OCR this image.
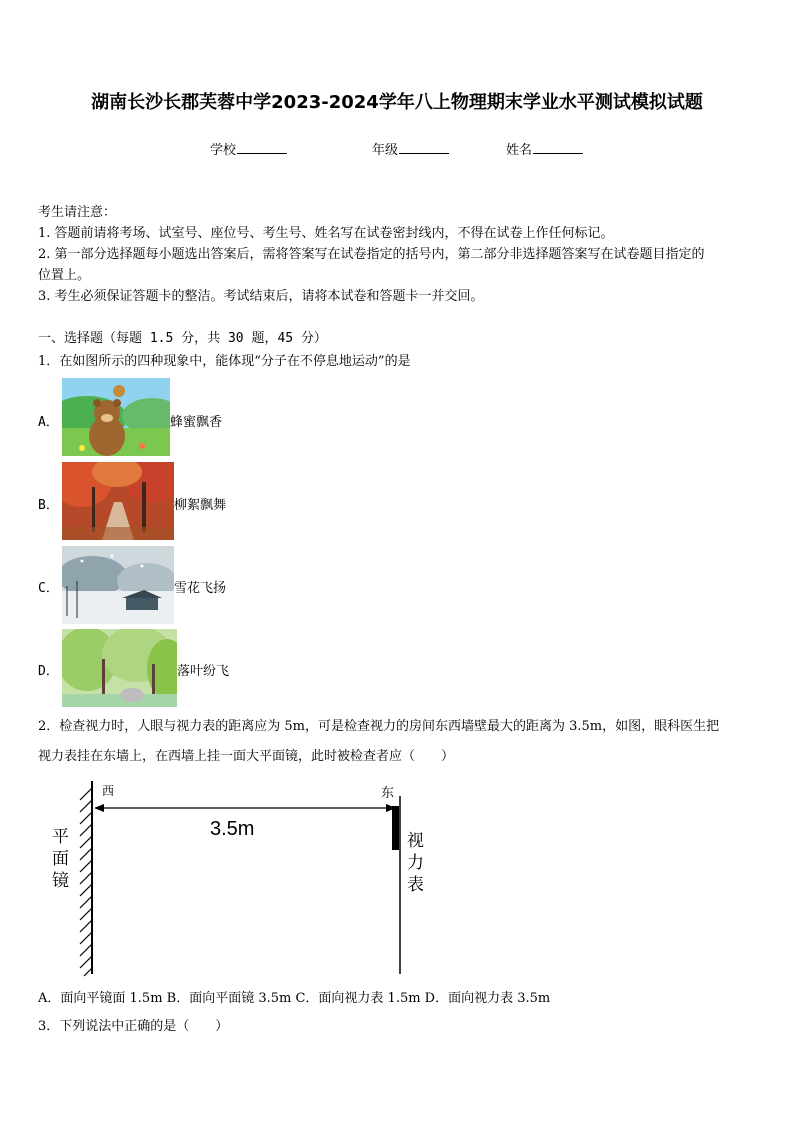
湖南长沙长郡芙蓉中学2023-2024学年八上物理期末学业水平测试模拟试题
学校	年级	姓名
考生请注意：
1. 答题前请将考场、试室号、座位号、考生号、姓名写在试卷密封线内，不得在试卷上作任何标记。
2. 第一部分选择题每小题选出答案后，需将答案写在试卷指定的括号内，第二部分非选择题答案写在试卷题目指定的
位置上。
3. 考生必须保证答题卡的整洁。考试结束后，请将本试卷和答题卡一并交回。
一、选择题（每题 1.5 分，共 30 题，45 分）
1．在如图所示的四种现象中，能体现“分子在不停息地运动”的是
A．	蜂蜜飘香
B．	柳絮飘舞
C．	雪花飞扬
D．	落叶纷飞
2．检查视力时，人眼与视力表的距离应为 5m，可是检查视力的房间东西墙壁最大的距离为 3.5m，如图，眼科医生把
视力表挂在东墙上，在西墙上挂一面大平面镜，此时被检查者应（　　）
西	东
3.5m
平
面
镜
视
力
表
A．面向平镜面 1.5m B．面向平面镜 3.5m C．面向视力表 1.5m D．面向视力表 3.5m
3．下列说法中正确的是（　　）
